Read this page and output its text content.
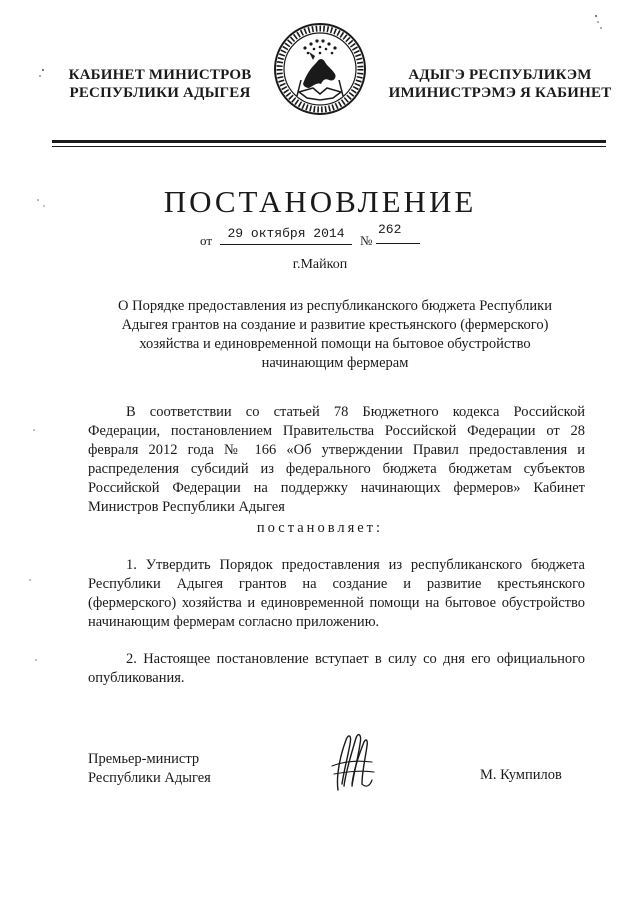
КАБИНЕТ МИНИСТРОВ
РЕСПУБЛИКИ АДЫГЕЯ
АДЫГЭ РЕСПУБЛИКЭМ
ИМИНИСТРЭМЭ Я КАБИНЕТ
ПОСТАНОВЛЕНИЕ
от	29 октября 2014	№
262
г.Майкоп
О Порядке предоставления из республиканского бюджета Республики Адыгея грантов на создание и развитие крестьянского (фермерского) хозяйства и единовременной помощи на бытовое обустройство начинающим фермерам
В соответствии со статьей 78 Бюджетного кодекса Российской Федерации, постановлением Правительства Российской Федерации от 28 февраля 2012 года № 166 «Об утверждении Правил предоставления и распределения субсидий из федерального бюджета бюджетам субъектов Российской Федерации на поддержку начинающих фермеров» Кабинет Министров Республики Адыгея
постановляет:
1. Утвердить Порядок предоставления из республиканского бюджета Республики Адыгея грантов на создание и развитие крестьянского (фермерского) хозяйства и единовременной помощи на бытовое обустройство начинающим фермерам согласно приложению.
2. Настоящее постановление вступает в силу со дня его официального опубликования.
Премьер-министр
Республики Адыгея	М. Кумпилов
